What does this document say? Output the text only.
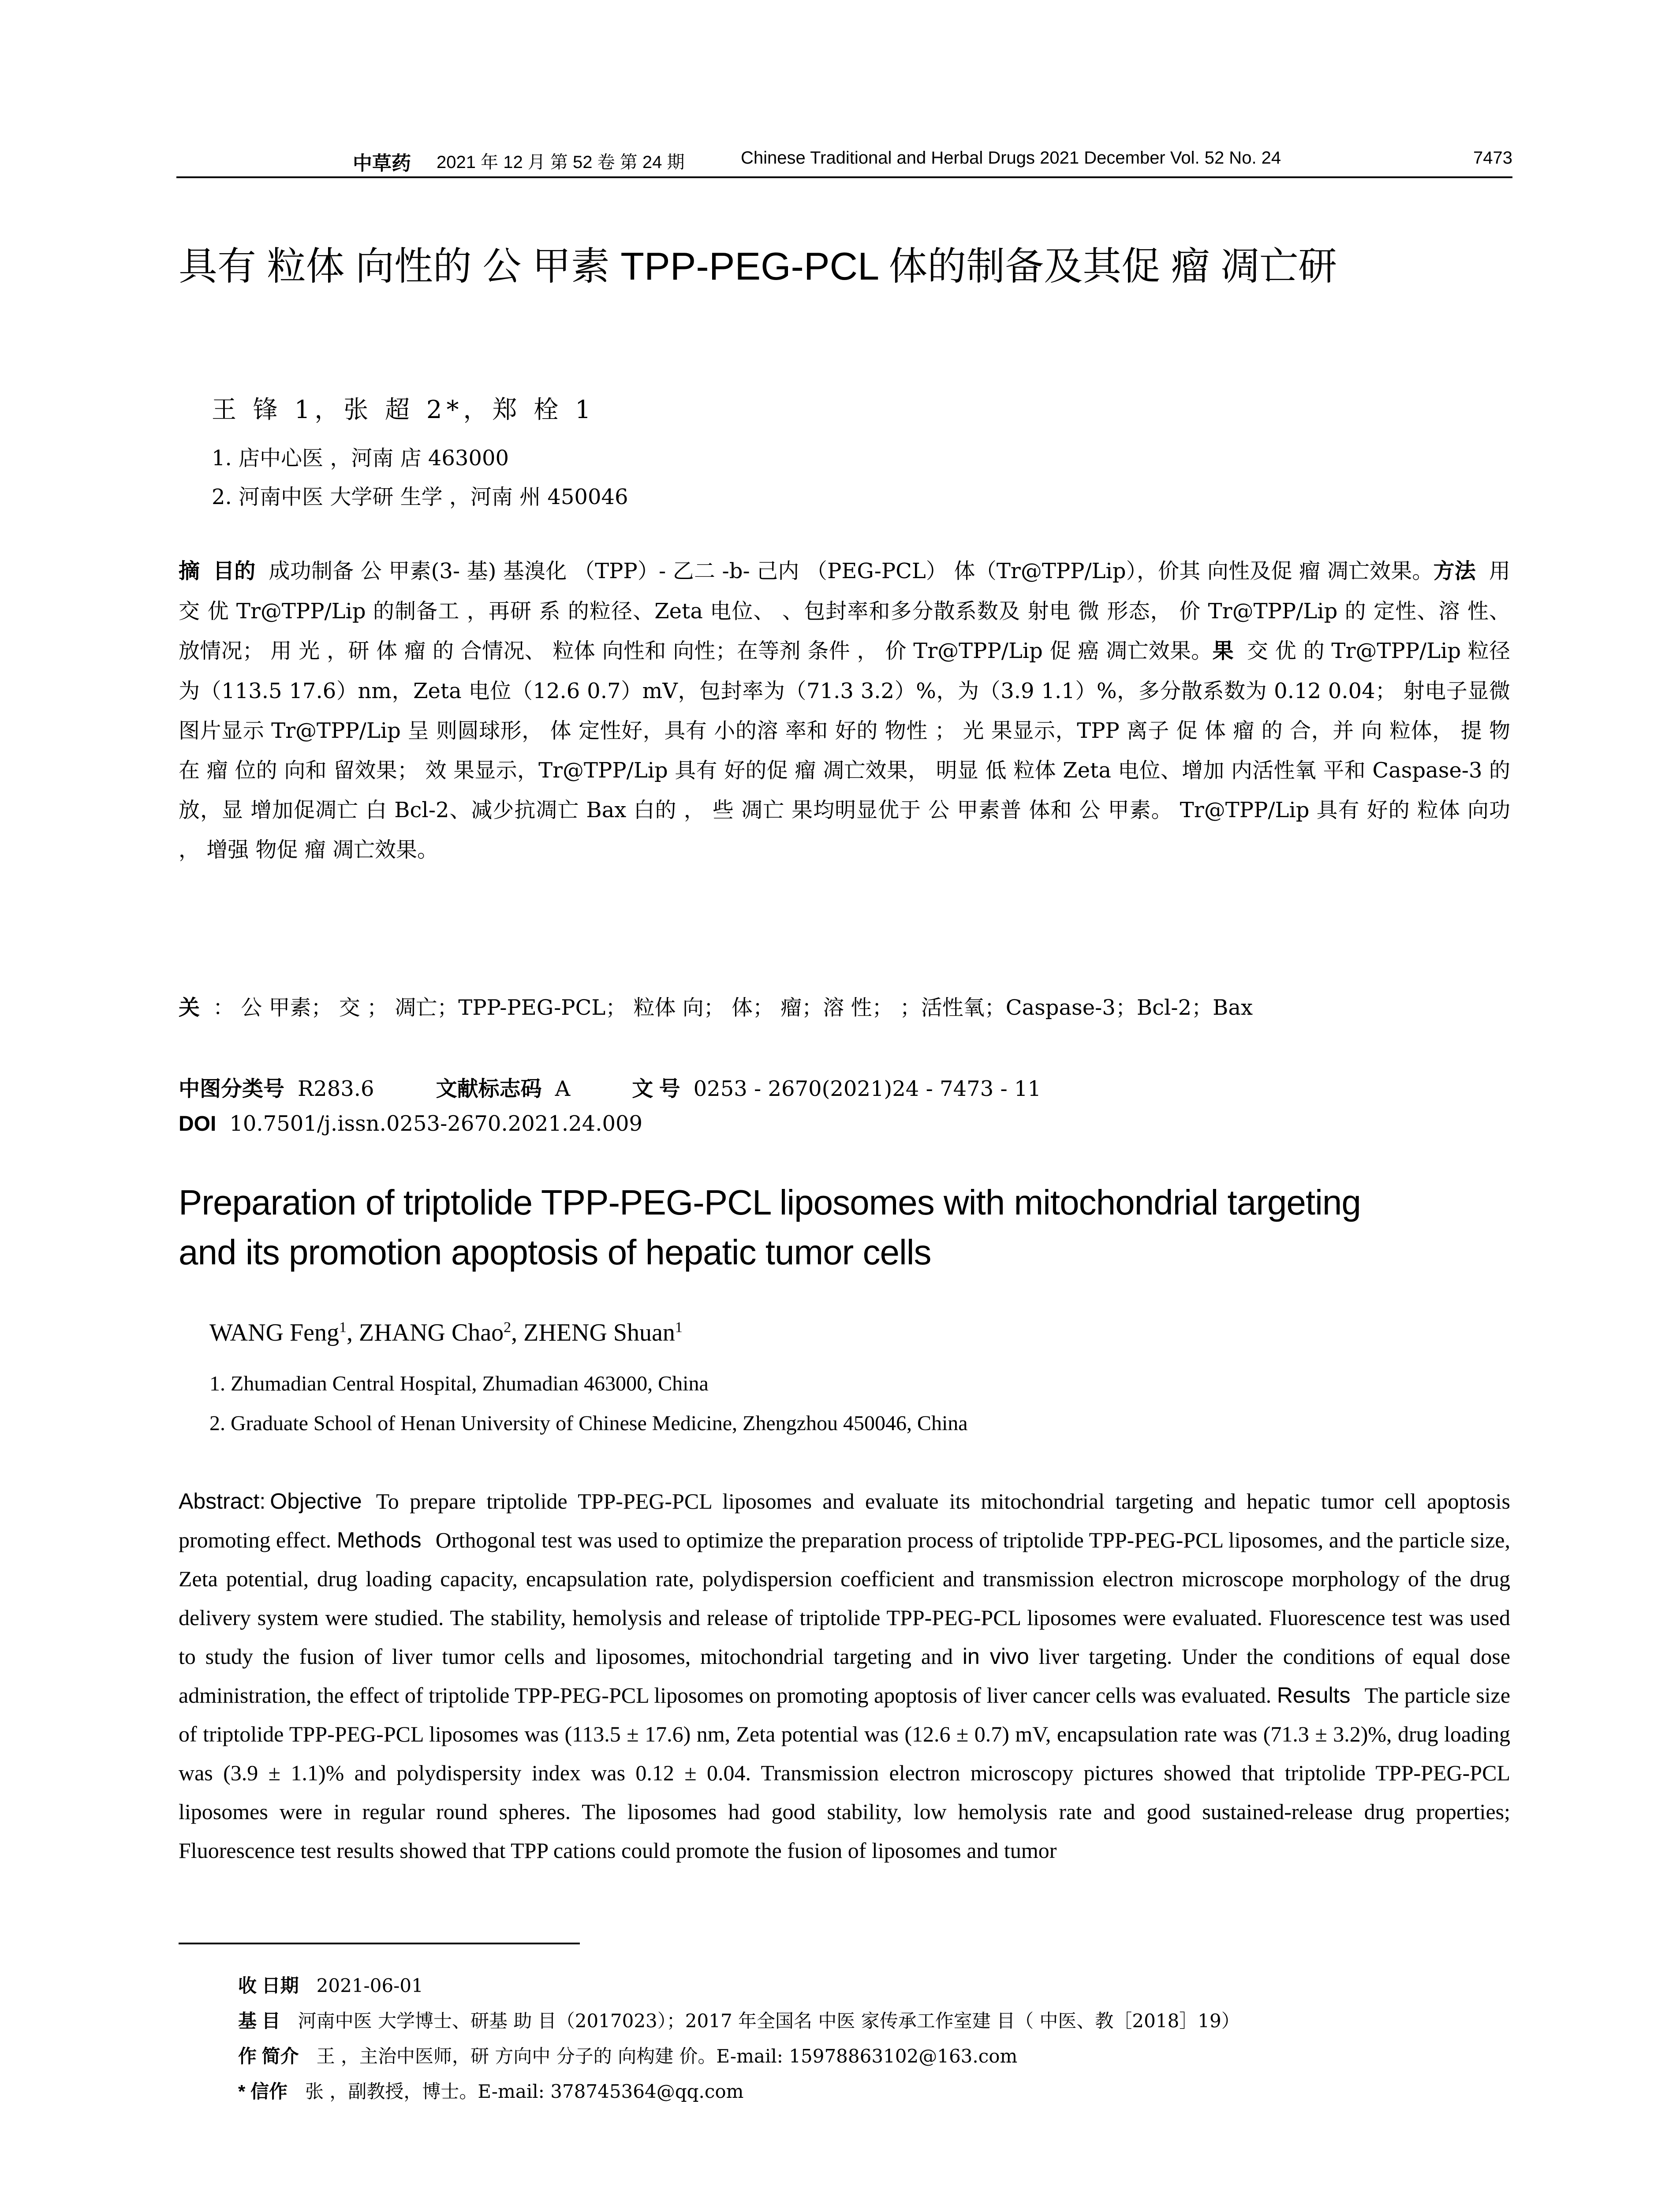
中草药 2021 年 12 月 第 52 卷 第 24 期	Chinese Traditional and Herbal Drugs 2021 December Vol. 52 No. 24	7473
具有 粒体 向性的 公 甲素 TPP-PEG-PCL 体的制备及其促 瘤 凋亡研
王 锋 1，张 超 2*，郑 栓 1
1. 店中心医 ，河南 店 463000
2. 河南中医 大学研 生学 ，河南 州 450046
摘 目的 成功制备 公 甲素(3- 基) 基溴化 （TPP）- 乙二 -b- 己内 （PEG-PCL） 体（Tr@TPP/Lip），价其 向性及促 瘤 凋亡效果。方法 用 交 优 Tr@TPP/Lip 的制备工 ，再研 系 的粒径、Zeta 电位、 、包封率和多分散系数及 射电 微 形态， 价 Tr@TPP/Lip 的 定性、溶 性、 放情况； 用 光 ，研 体 瘤 的 合情况、 粒体 向性和 向性；在等剂 条件 ， 价 Tr@TPP/Lip 促 癌 凋亡效果。果 交 优 的 Tr@TPP/Lip 粒径为（113.5 17.6）nm，Zeta 电位（12.6 0.7）mV，包封率为（71.3 3.2）%，为（3.9 1.1）%，多分散系数为 0.12 0.04； 射电子显微 图片显示 Tr@TPP/Lip 呈 则圆球形， 体 定性好，具有 小的溶 率和 好的 物性 ； 光 果显示，TPP 离子 促 体 瘤 的 合，并 向 粒体， 提 物在 瘤 位的 向和 留效果； 效 果显示，Tr@TPP/Lip 具有 好的促 瘤 凋亡效果， 明显 低 粒体 Zeta 电位、增加 内活性氧 平和 Caspase-3 的 放，显 增加促凋亡 白 Bcl-2、减少抗凋亡 Bax 白的 ， 些 凋亡 果均明显优于 公 甲素普 体和 公 甲素。 Tr@TPP/Lip 具有 好的 粒体 向功 ， 增强 物促 瘤 凋亡效果。
关 ： 公 甲素； 交 ； 凋亡；TPP-PEG-PCL； 粒体 向； 体； 瘤；溶 性； ；活性氧；Caspase-3；Bcl-2；Bax
中图分类号 R283.6	文献标志码 A	文 号 0253 - 2670(2021)24 - 7473 - 11
DOI 10.7501/j.issn.0253-2670.2021.24.009
Preparation of triptolide TPP-PEG-PCL liposomes with mitochondrial targeting
and its promotion apoptosis of hepatic tumor cells
WANG Feng$^1$, ZHANG Chao$^2$, ZHENG Shuan$^1$
1. Zhumadian Central Hospital, Zhumadian 463000, China
2. Graduate School of Henan University of Chinese Medicine, Zhengzhou 450046, China
Abstract: Objective To prepare triptolide TPP-PEG-PCL liposomes and evaluate its mitochondrial targeting and hepatic tumor cell apoptosis promoting effect. Methods Orthogonal test was used to optimize the preparation process of triptolide TPP-PEG-PCL liposomes, and the particle size, Zeta potential, drug loading capacity, encapsulation rate, polydispersion coefficient and transmission electron microscope morphology of the drug delivery system were studied. The stability, hemolysis and release of triptolide TPP-PEG-PCL liposomes were evaluated. Fluorescence test was used to study the fusion of liver tumor cells and liposomes, mitochondrial targeting and in vivo liver targeting. Under the conditions of equal dose administration, the effect of triptolide TPP-PEG-PCL liposomes on promoting apoptosis of liver cancer cells was evaluated. Results The particle size of triptolide TPP-PEG-PCL liposomes was (113.5 ± 17.6) nm, Zeta potential was (12.6 ± 0.7) mV, encapsulation rate was (71.3 ± 3.2)%, drug loading was (3.9 ± 1.1)% and polydispersity index was 0.12 ± 0.04. Transmission electron microscopy pictures showed that triptolide TPP-PEG-PCL liposomes were in regular round spheres. The liposomes had good stability, low hemolysis rate and good sustained-release drug properties; Fluorescence test results showed that TPP cations could promote the fusion of liposomes and tumor
收 日期 2021-06-01
基 目 河南中医 大学博士、研基 助 目（2017023）；2017 年全国名 中医 家传承工作室建 目（ 中医、教［2018］19）
作 简介 王 ，主治中医师，研 方向中 分子的 向构建 价。E-mail: 15978863102@163.com
* 信作 张 ，副教授，博士。E-mail: 378745364@qq.com
